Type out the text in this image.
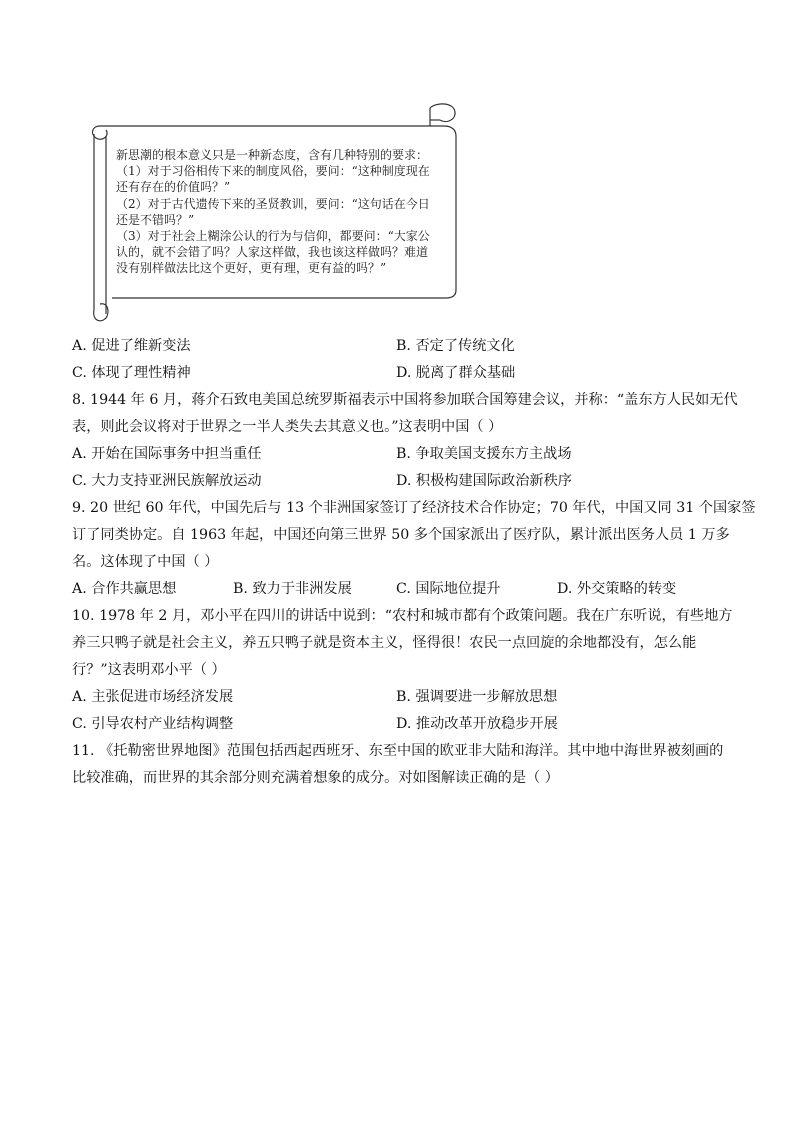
新思潮的根本意义只是一种新态度，含有几种特别的要求：
（1）对于习俗相传下来的制度风俗，要问：“这种制度现在
还有存在的价值吗？”
（2）对于古代遗传下来的圣贤教训，要问：“这句话在今日
还是不错吗？”
（3）对于社会上糊涂公认的行为与信仰，都要问：“大家公
认的，就不会错了吗？人家这样做，我也该这样做吗？难道
没有别样做法比这个更好，更有理，更有益的吗？”
A. 促进了维新变法	B. 否定了传统文化
C. 体现了理性精神	D. 脱离了群众基础
8. 1944 年 6 月，蒋介石致电美国总统罗斯福表示中国将参加联合国筹建会议，并称：“盖东方人民如无代
表，则此会议将对于世界之一半人类失去其意义也。”这表明中国（ ）
A. 开始在国际事务中担当重任	B. 争取美国支援东方主战场
C. 大力支持亚洲民族解放运动	D. 积极构建国际政治新秩序
9. 20 世纪 60 年代，中国先后与 13 个非洲国家签订了经济技术合作协定；70 年代，中国又同 31 个国家签
订了同类协定。自 1963 年起，中国还向第三世界 50 多个国家派出了医疗队，累计派出医务人员 1 万多
名。这体现了中国（ ）
A. 合作共赢思想	B. 致力于非洲发展	C. 国际地位提升	D. 外交策略的转变
10. 1978 年 2 月，邓小平在四川的讲话中说到：“农村和城市都有个政策问题。我在广东听说，有些地方
养三只鸭子就是社会主义，养五只鸭子就是资本主义，怪得很！农民一点回旋的余地都没有，怎么能
行？”这表明邓小平（ ）
A. 主张促进市场经济发展	B. 强调要进一步解放思想
C. 引导农村产业结构调整	D. 推动改革开放稳步开展
11. 《托勒密世界地图》范围包括西起西班牙、东至中国的欧亚非大陆和海洋。其中地中海世界被刻画的
比较准确，而世界的其余部分则充满着想象的成分。对如图解读正确的是（ ）
